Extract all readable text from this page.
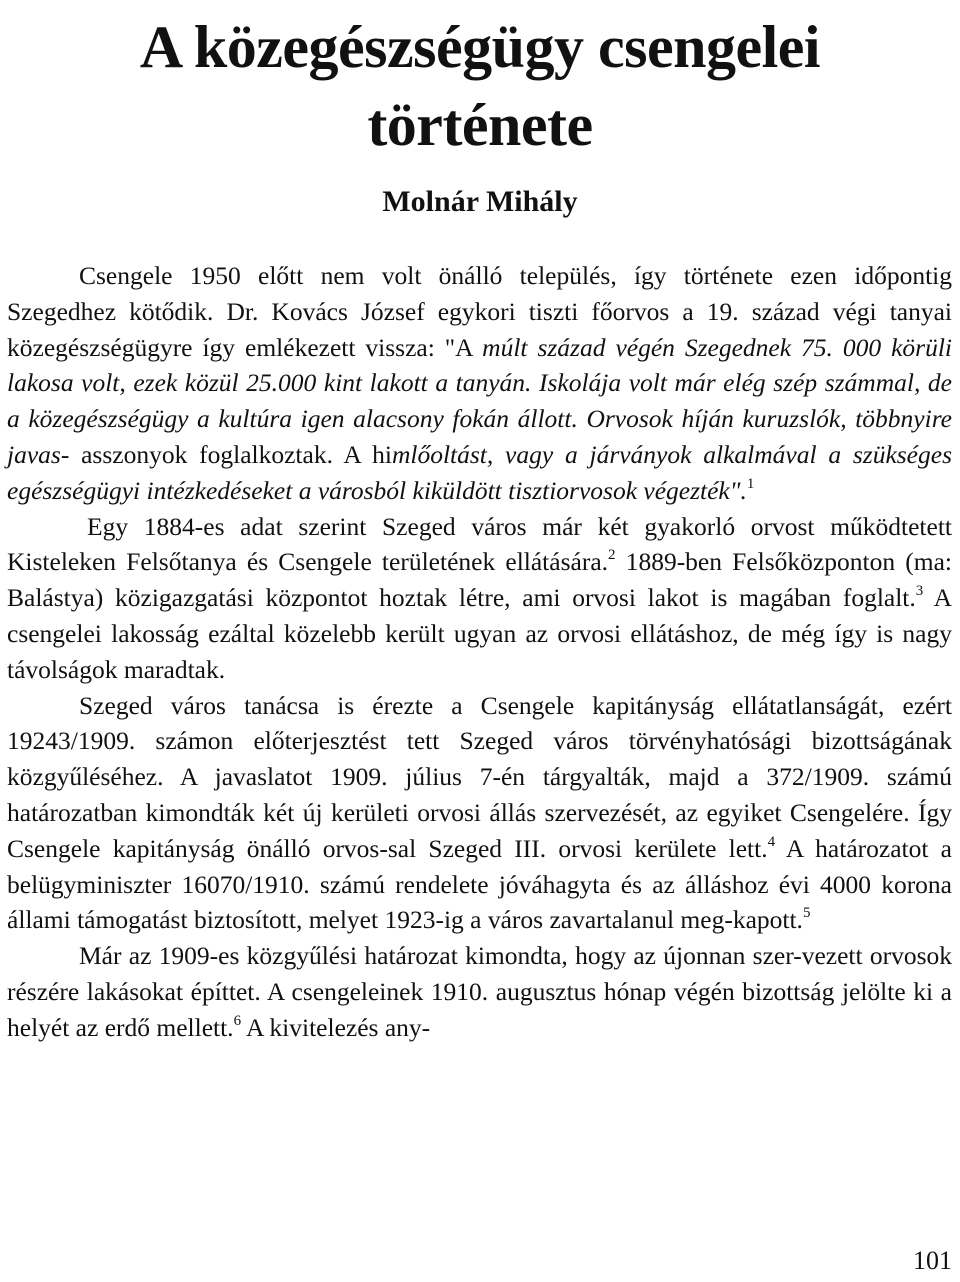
A közegészségügy csengelei
története

Molnár Mihály

Csengele 1950 előtt nem volt önálló település, így története ezen időpontig Szegedhez kötődik. Dr. Kovács József egykori tiszti főorvos a 19. század végi tanyai közegészségügyre így emlékezett vissza: "A múlt század végén Szegednek 75. 000 körüli lakosa volt, ezek közül 25.000 kint lakott a tanyán. Iskolája volt már elég szép számmal, de a közegészségügy a kultúra igen alacsony fokán állott. Orvosok híján kuruzslók, többnyire javas- asszonyok foglalkoztak. A himlőoltást, vagy a járványok alkalmával a szükséges egészségügyi intézkedéseket a városból kiküldött tisztiorvosok végezték".$^1$

Egy 1884-es adat szerint Szeged város már két gyakorló orvost működtetett Kisteleken Felsőtanya és Csengele területének ellátására.$^2$ 1889-ben Felsőközponton (ma: Balástya) közigazgatási központot hoztak létre, ami orvosi lakot is magában foglalt.$^3$ A csengelei lakosság ezáltal közelebb került ugyan az orvosi ellátáshoz, de még így is nagy távolságok maradtak.

Szeged város tanácsa is érezte a Csengele kapitányság ellátatlanságát, ezért 19243/1909. számon előterjesztést tett Szeged város törvényhatósági bizottságának közgyűléséhez. A javaslatot 1909. július 7-én tárgyalták, majd a 372/1909. számú határozatban kimondták két új kerületi orvosi állás szervezését, az egyiket Csengelére. Így Csengele kapitányság önálló orvos-sal Szeged III. orvosi kerülete lett.$^4$ A határozatot a belügyminiszter 16070/1910. számú rendelete jóváhagyta és az álláshoz évi 4000 korona állami támogatást biztosított, melyet 1923-ig a város zavartalanul meg-kapott.$^5$

Már az 1909-es közgyűlési határozat kimondta, hogy az újonnan szer-vezett orvosok részére lakásokat építtet. A csengeleinek 1910. augusztus hónap végén bizottság jelölte ki a helyét az erdő mellett.$^6$ A kivitelezés any-

101
